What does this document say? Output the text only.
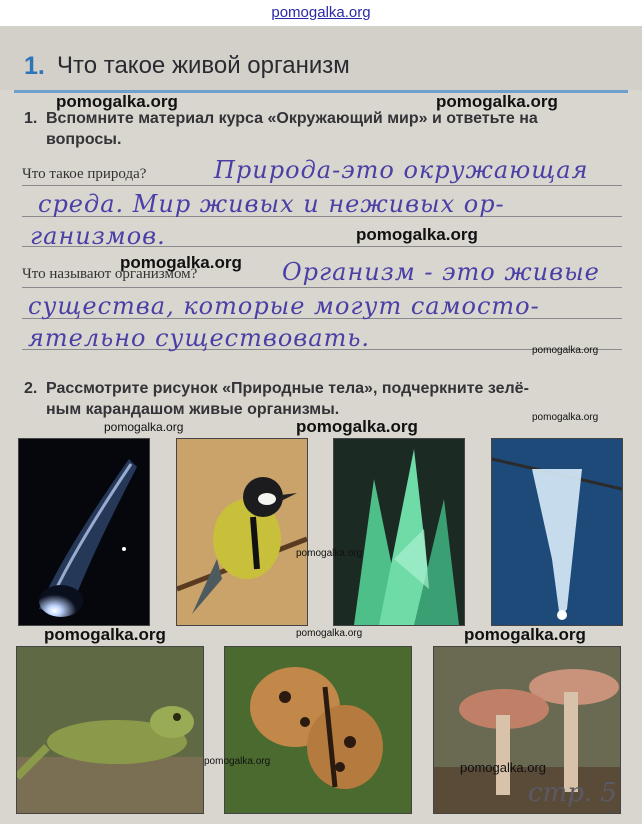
pomogalka.org
1. Что такое живой организм
1. Вспомните материал курса «Окружающий мир» и ответьте на
вопросы.
Что такое природа?	Природа-это окружающая
среда. Мир живых и неживых ор-
ганизмов.
Что называют организмом?	Организм - это живые
существа, которые могут самосто-
ятельно существовать.
2. Рассмотрите рисунок «Природные тела», подчеркните зелё-
ным карандашом живые организмы.
стр. 5
pomogalka.org	pomogalka.org
pomogalka.org
pomogalka.org
pomogalka.org
pomogalka.org
pomogalka.org	pomogalka.org
pomogalka.org
pomogalka.org	pomogalka.org	pomogalka.org
pomogalka.org	pomogalka.org
